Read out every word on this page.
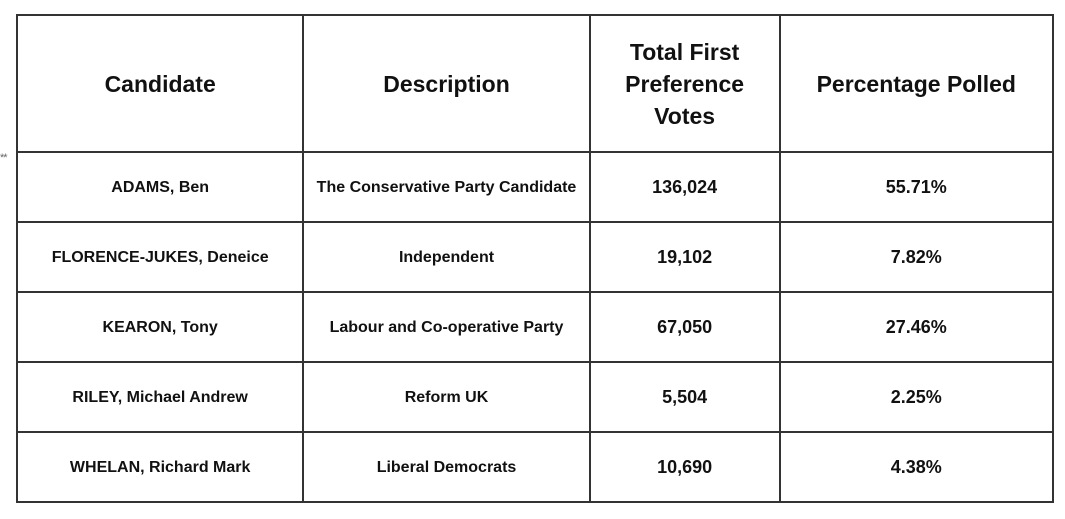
**
Candidate	Description	Total First Preference Votes	Percentage Polled
ADAMS, Ben	The Conservative Party Candidate	136,024	55.71%
FLORENCE-JUKES, Deneice	Independent	19,102	7.82%
KEARON, Tony	Labour and Co-operative Party	67,050	27.46%
RILEY, Michael Andrew	Reform UK	5,504	2.25%
WHELAN, Richard Mark	Liberal Democrats	10,690	4.38%
